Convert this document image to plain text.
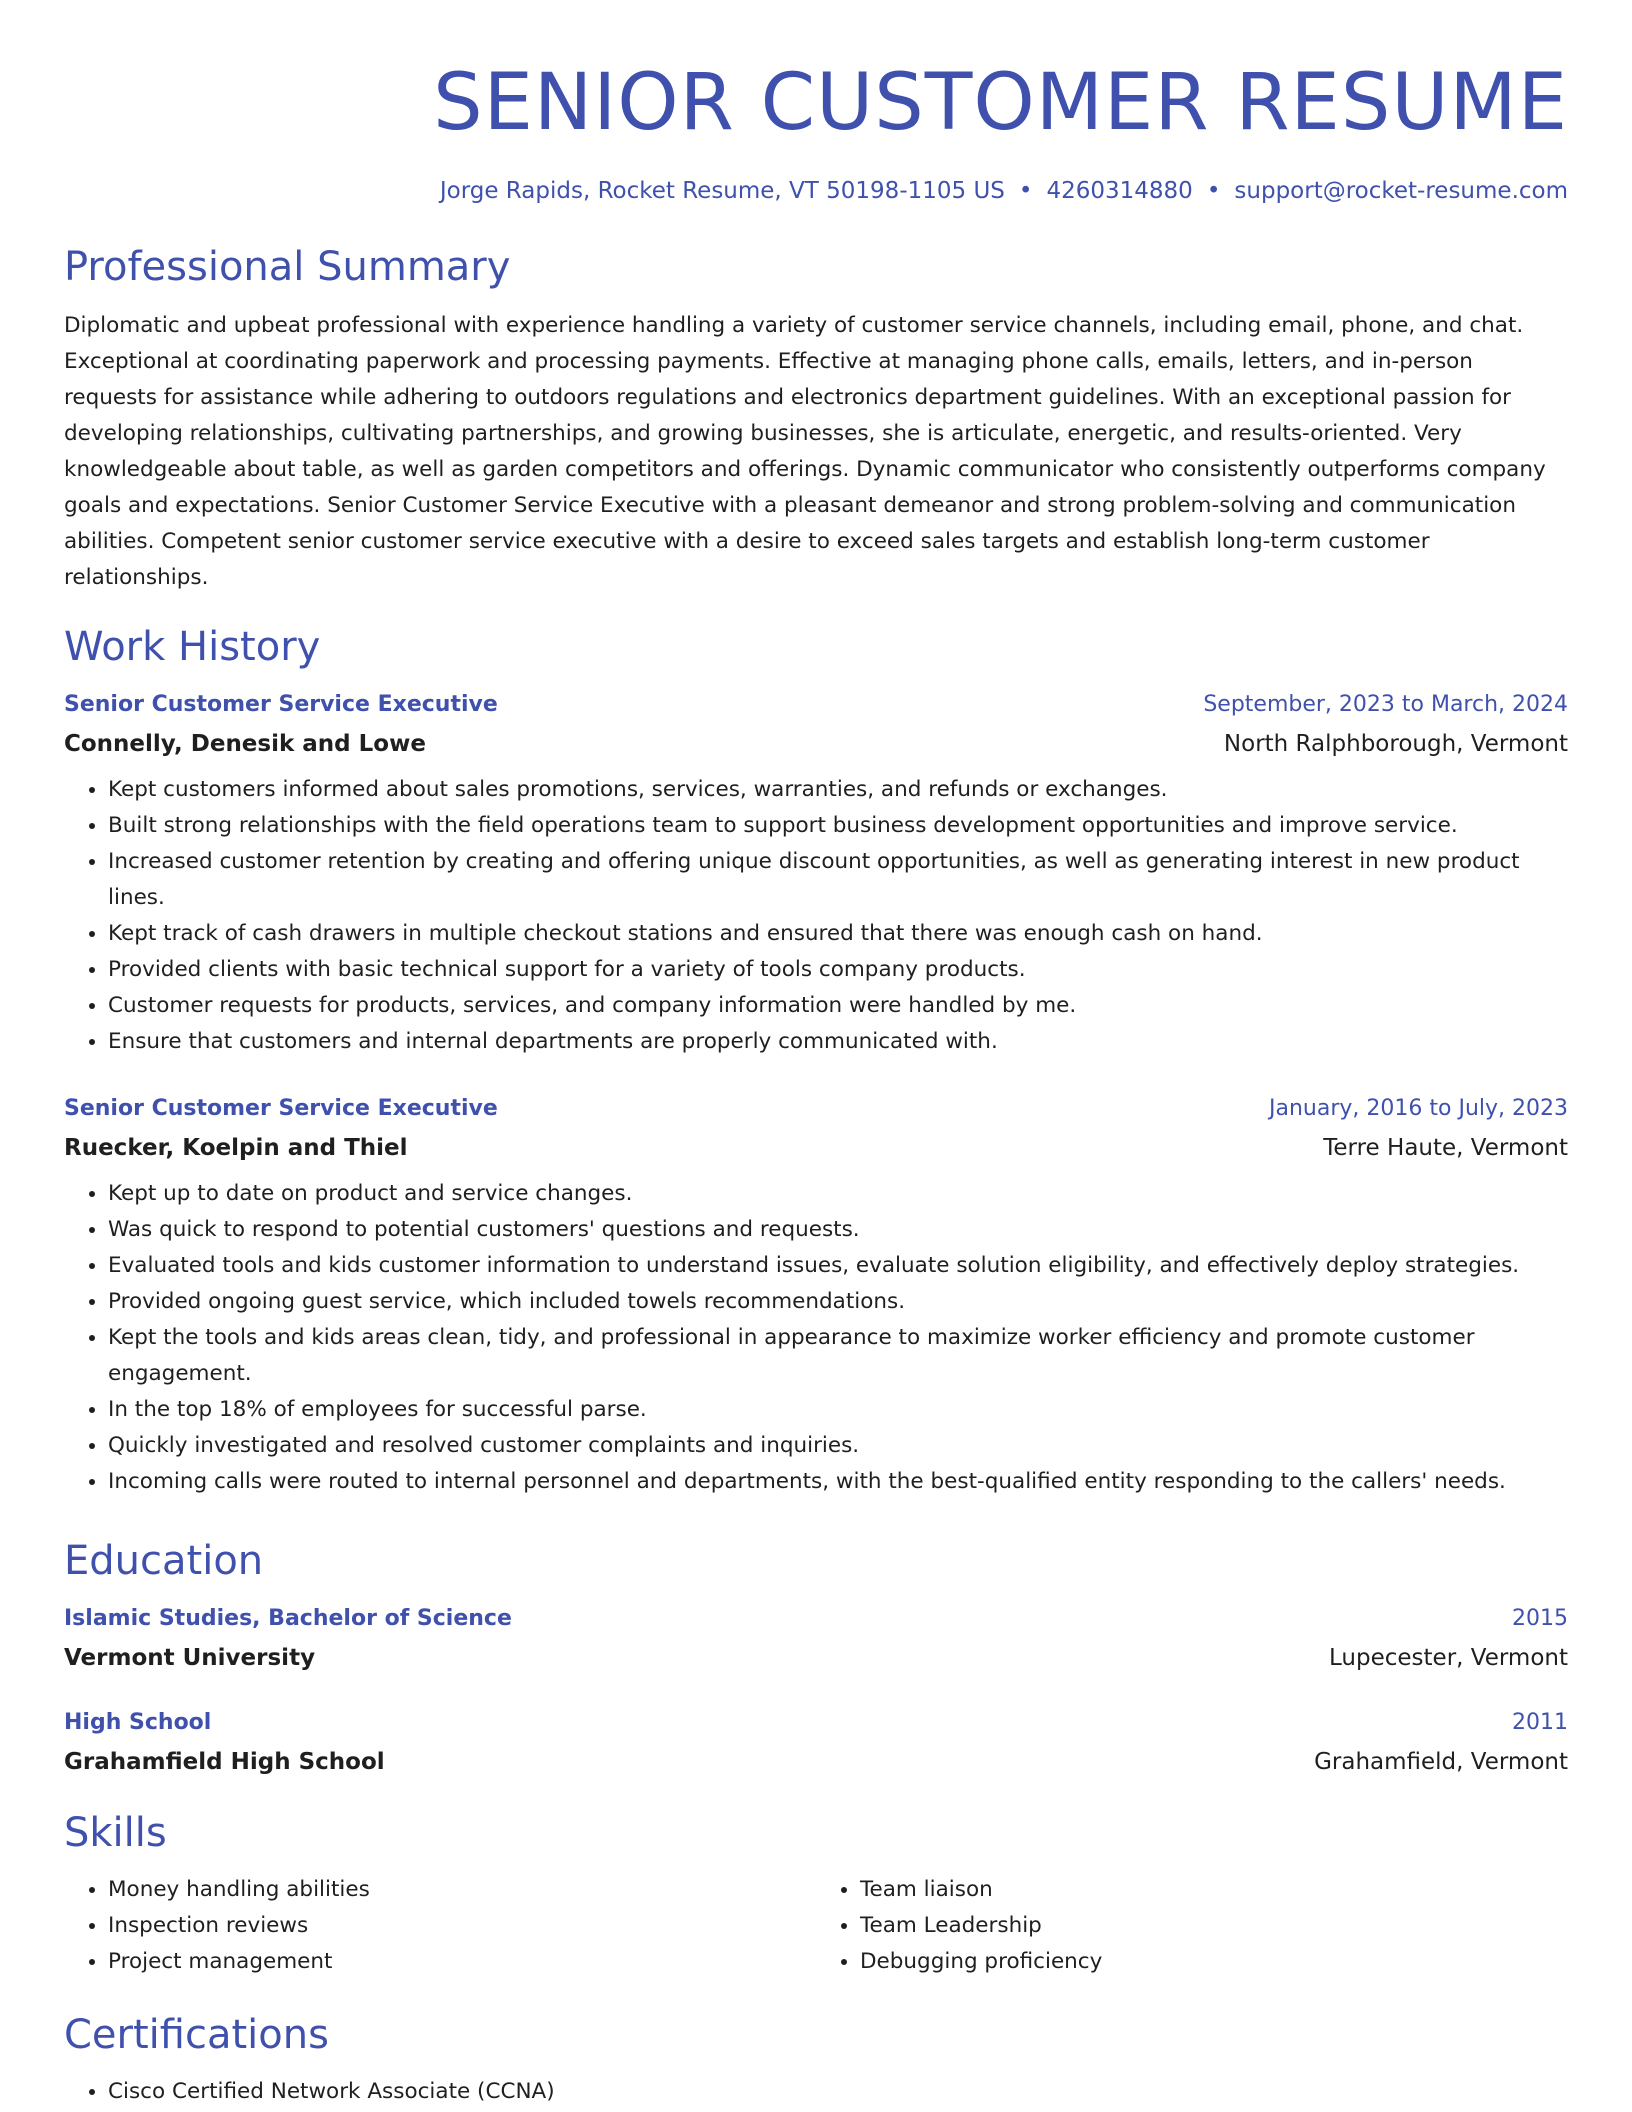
SENIOR CUSTOMER RESUME
Jorge Rapids, Rocket Resume, VT 50198-1105 US • 4260314880 • support@rocket-resume.com
Professional Summary

Diplomatic and upbeat professional with experience handling a variety of customer service channels, including email, phone, and chat. Exceptional at coordinating paperwork and processing payments. Effective at managing phone calls, emails, letters, and in-person requests for assistance while adhering to outdoors regulations and electronics department guidelines. With an exceptional passion for developing relationships, cultivating partnerships, and growing businesses, she is articulate, energetic, and results-oriented. Very knowledgeable about table, as well as garden competitors and offerings. Dynamic communicator who consistently outperforms company goals and expectations. Senior Customer Service Executive with a pleasant demeanor and strong problem-solving and communication abilities. Competent senior customer service executive with a desire to exceed sales targets and establish long-term customer relationships.

Work History
Senior Customer Service Executive	September, 2023 to March, 2024
Connelly, Denesik and Lowe	North Ralphborough, Vermont
• Kept customers informed about sales promotions, services, warranties, and refunds or exchanges.
• Built strong relationships with the field operations team to support business development opportunities and improve service.
• Increased customer retention by creating and offering unique discount opportunities, as well as generating interest in new product lines.
• Kept track of cash drawers in multiple checkout stations and ensured that there was enough cash on hand.
• Provided clients with basic technical support for a variety of tools company products.
• Customer requests for products, services, and company information were handled by me.
• Ensure that customers and internal departments are properly communicated with.
Senior Customer Service Executive	January, 2016 to July, 2023
Ruecker, Koelpin and Thiel	Terre Haute, Vermont
• Kept up to date on product and service changes.
• Was quick to respond to potential customers' questions and requests.
• Evaluated tools and kids customer information to understand issues, evaluate solution eligibility, and effectively deploy strategies.
• Provided ongoing guest service, which included towels recommendations.
• Kept the tools and kids areas clean, tidy, and professional in appearance to maximize worker efficiency and promote customer engagement.
• In the top 18% of employees for successful parse.
• Quickly investigated and resolved customer complaints and inquiries.
• Incoming calls were routed to internal personnel and departments, with the best-qualified entity responding to the callers' needs.
Education
Islamic Studies, Bachelor of Science	2015
Vermont University	Lupecester, Vermont
High School	2011
Grahamfield High School	Grahamfield, Vermont
Skills
• Money handling abilities
• Inspection reviews
• Project management
• Team liaison
• Team Leadership
• Debugging proficiency
Certifications
• Cisco Certified Network Associate (CCNA)
